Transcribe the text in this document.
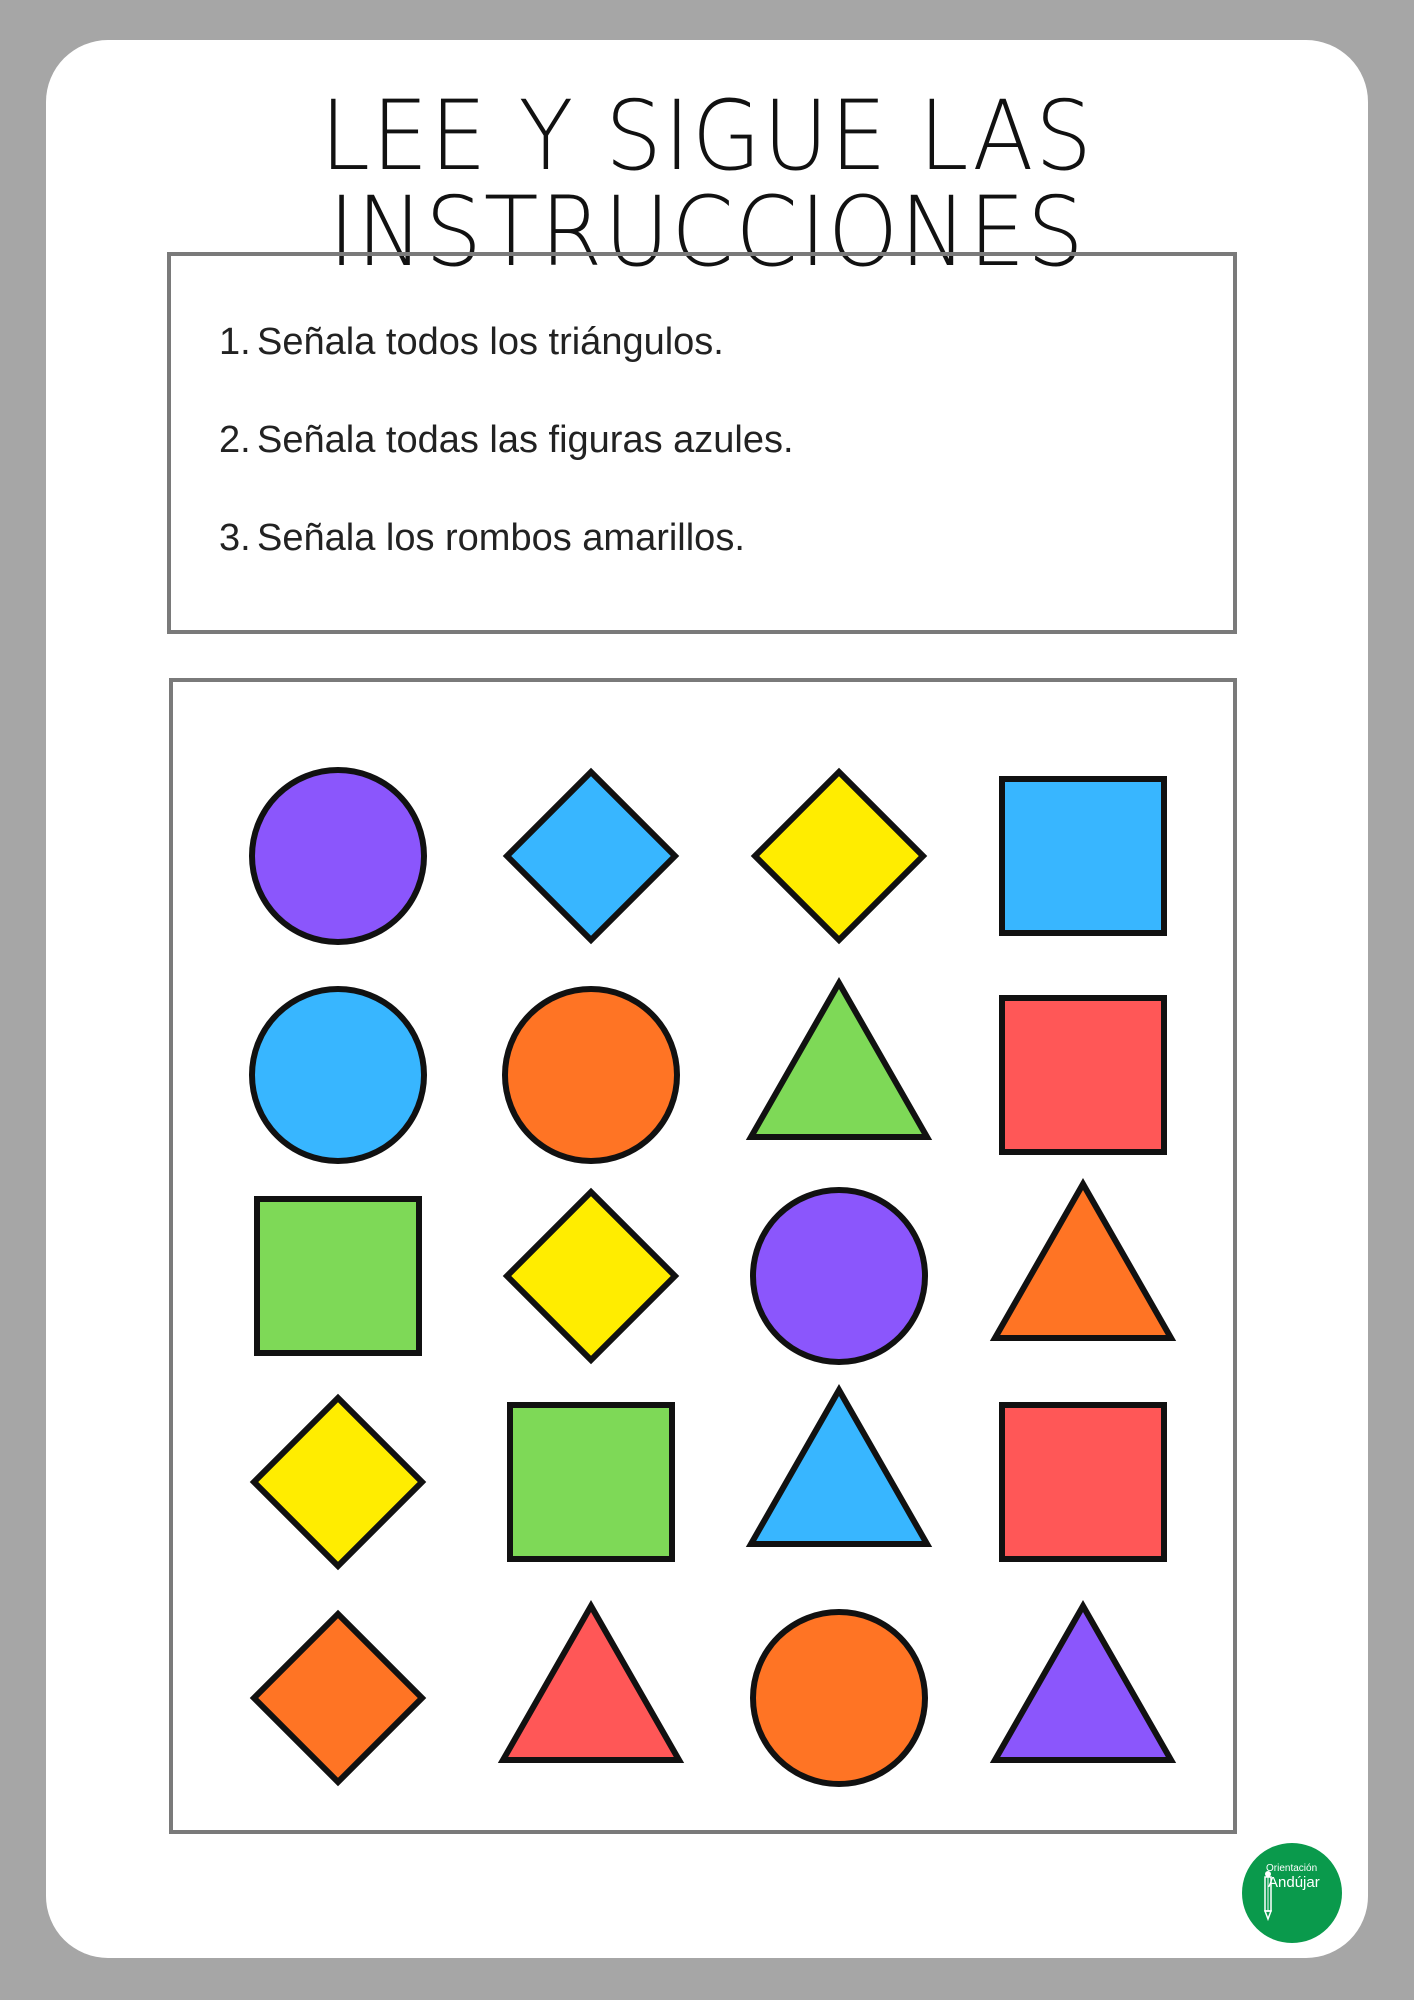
LEE Y SIGUE LAS INSTRUCCIONES
1. Señala todos los triángulos.
2. Señala todas las figuras azules.
3. Señala los rombos amarillos.
Orientación
Andújar
